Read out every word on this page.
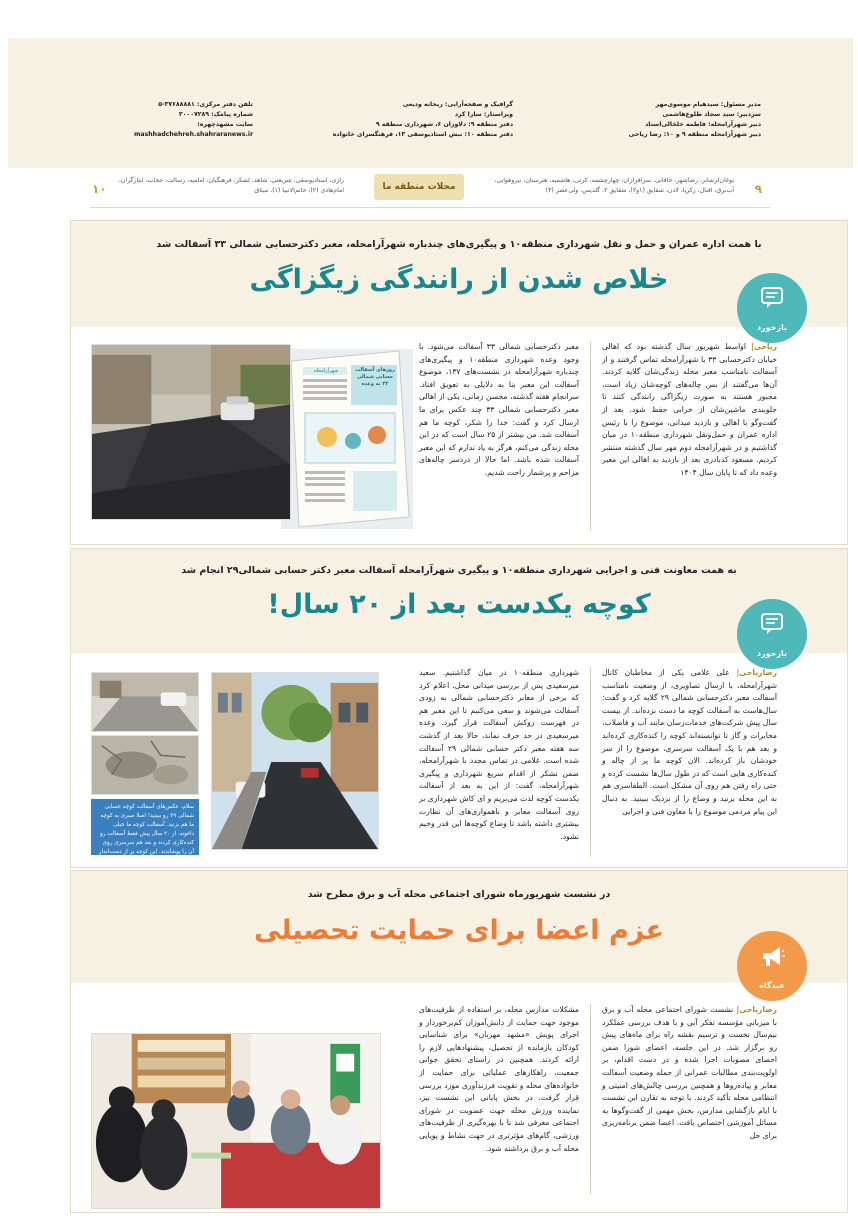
مدیر مسئول: سیدهیام موسوی‌مهر
سردبیر: سید سجاد طلوع‌هاشمی
دبیر شهرآرامحله: فاطمه خلخالی‌استاد
دبیر شهرآرامحله منطقه ۹ و ۱۰: رضا ریاحی
گرافیک و صفحه‌آرایی: ریحانه ودیعی
ویراستار: سارا کرد
دفتر منطقه ۹: دلاوران ۶، شهرداری منطقه ۹
دفتر منطقه ۱۰: نبش استادیوسفی ۱۳، فرهنگسرای خانواده
تلفن دفتر مرکزی: ۳۷۶۸۸۸۸۱-۵
شماره پیامک: ۳۰۰۰۷۲۸۹
سایت مشهدچهره:
mashhadchehreh.shahraranews.ir
۹
نوغان‌لرشاتر، رضاشهر، خاقانی، سرافرازان، چهارچشمه، کرتی، هاشمیه، هنرستان، نیروهوایی، آب‌برق، اقبال، زکریا، لادن، شقایق (۱و۲)، شقایق ۲، گلدیس، ولی‌عصر (۳)
محلات منطقه ما
رازی، استادیوسفی، شریعتی، شاهد، لشکر، فرهنگیان، امامیه، رسالت، حجاب، ایثارگران، امام‌هادی (۲)، خانم‌الانبیا (۱)، میثاق
۱۰
با همت اداره عمران و حمل و نقل شهرداری منطقه۱۰ و پیگیری‌های چندباره شهرآرامحله، معبر دکترحسابی شمالی ۳۳ آسفالت شد
خلاص شدن از رانندگی زیگزاگی
بازخورد
ریاحی| اواسط شهریور سال گذشته بود که اهالی خیابان دکترحسابی ۳۳ با شهرآرامحله تماس گرفتند و از آسفالت نامناسب معبر محله زندگی‌شان گلایه کردند. آن‌ها می‌گفتند از بس چاله‌های کوچه‌شان زیاد است، مجبور هستند به صورت زیگزاگی رانندگی کنند تا جلوبندی ماشین‌شان از خرابی حفظ شود. بعد از گفت‌وگو با اهالی و بازدید میدانی، موضوع را با رئیس اداره عمران و حمل‌ونقل شهرداری منطقه۱۰ در میان گذاشتیم و در شهرآرامحله دوم مهر سال گذشته منتشر کردیم. مسعود کدبادری بعد از بازدید به اهالی این معبر وعده داد که تا پایان سال ۱۴۰۴
معبر دکترحسابی شمالی ۳۳ آسفالت می‌شود. با وجود وعده شهرداری منطقه۱۰ و پیگیری‌های چندباره شهرآرامحله در نشست‌های ۱۳۷، موضوع آسفالت این معبر بنا به دلایلی به تعویق افتاد. سرانجام هفته گذشته، محسن زمانی، یکی از اهالی معبر دکترحسابی شمالی ۳۳ چند عکس برای ما ارسال کرد و گفت: خدا را شکر، کوچه ما هم آسفالت شد. من بیشتر از ۲۵ سال است که در این محله زندگی می‌کنم، هرگز به یاد ندارم که این معبر آسفالت شده باشد. اما حالا از دردسر چاله‌های مزاحم و پرشمار راحت شدیم.
روزهای آسفالت حسابی شمالی ۳۳ به وعده
شهرآرامحله
به همت معاونت فنی و اجرایی شهرداری منطقه۱۰ و پیگیری شهرآرامحله آسفالت معبر دکتر حسابی شمالی۲۹ انجام شد
کوچه یکدست بعد از ۲۰ سال!
بازخورد
رضاریاحی| علی غلامی یکی از مخاطبان کانال شهرآرامحله، با ارسال تصاویری، از وضعیت نامناسب آسفالت معبر دکترحسابی شمالی ۲۹ گلایه کرد و گفت: سال‌هاست به آسفالت کوچه ما دست نزده‌اند. از بیست سال پیش شرکت‌های خدمات‌رسان مانند آب و فاضلاب، مخابرات و گاز تا توانسته‌اند کوچه را کنده‌کاری کرده‌اند و بعد هم با یک آسفالت سرسری، موضوع را از سر خودشان باز کرده‌اند. الان کوچه ما پر از چاله و کنده‌کاری هایی است که در طول سال‌ها نشست کرده و حتی راه رفتن هم روی آن مشکل است. الطفاسری هم به این محله بزنید و وضاع را از نزدیک ببینید. به دنبال این پیام مردمی موضوع را با معاون فنی و اجرایی
شهرداری منطقه۱۰ در میان گذاشتیم. سعید میرسعیدی پس از بررسی میدانی محل، اعلام کرد که برخی از معابر دکترحسابی شمالی به زودی آسفالت می‌شوند و سعی می‌کنیم تا این معبر هم در فهرست روکش آسفالت قرار گیرد. وعده میرسعیدی در حد حرف نماند، حالا بعد از گذشت سه هفته معبر دکتر حسابی شمالی ۲۹ آسفالت شده است. غلامی در تماس مجدد با شهرآرامحله، ضمن تشکر از اقدام سریع شهرداری و پیگیری شهرآرامحله، گفت: از این به بعد از آسفالت یکدست کوچه لذت می‌بریم و ای کاش شهرداری بر روی آسفالت معابر و ناهمواری‌های آن نظارت بیشتری داشته باشد تا وضاع کوچه‌ها این قدر وخیم نشود.
سلام، عکس‌های آسفالت کوچه حسابی شمالی ۲۹ رو ببینید! اصلا صبری به کوچه ما هم بزنید. آسفالت کوچه ما خیلی داغونه. از ۲۰ سال پیش فقط آسفالت رو کنده‌کاری کردند و بعد هم سرسری روی آن را پوشاندند. این کوچه پر از دست‌انداز است!
در نشست شهریورماه شورای اجتماعی محله آب و برق مطرح شد
عزم اعضا برای حمایت تحصیلی
عیدگاه
رضاریاحی| نشست شورای اجتماعی محله آب و برق با میزبانی مؤسسه تفکر آبی و با هدف بررسی عملکرد نیم‌سال نخست و ترسیم نقشه راه برای ماه‌های پیش رو برگزار شد. در این جلسه، اعضای شورا ضمن احصای مصوبات اجرا شده و در دست اقدام، بر اولویت‌بندی مطالبات عمرانی از جمله وضعیت آسفالت معابر و پیاده‌روها و همچنین بررسی چالش‌های امنیتی و انتظامی محله تأکید کردند. با توجه به تقارن این نشست با ایام بازگشایی مدارس، بخش مهمی از گفت‌وگوها به مسائل آموزشی اختصاص یافت. اعضا ضمن برنامه‌ریزی برای حل
مشکلات مدارس محله، بر استفاده از ظرفیت‌های موجود جهت حمایت از دانش‌آموزان کم‌برخوردار و اجرای پویش «مشهد مهربان» برای شناسایی کودکان بازمانده از تحصیل، پیشنهادهایی لازم را ارائه کردند. همچنین در راستای تحقق جوانی جمعیت، راهکارهای عملیاتی برای حمایت از خانواده‌های محله و تقویت فرزندآوری مورد بررسی قرار گرفت. در بخش پایانی این نشست نیز، نماینده ورزش محله جهت عضویت در شورای اجتماعی معرفی شد تا با بهره‌گیری از ظرفیت‌های ورزشی، گام‌های مؤثرتری در جهت نشاط و پویایی محله آب و برق برداشته شود.
